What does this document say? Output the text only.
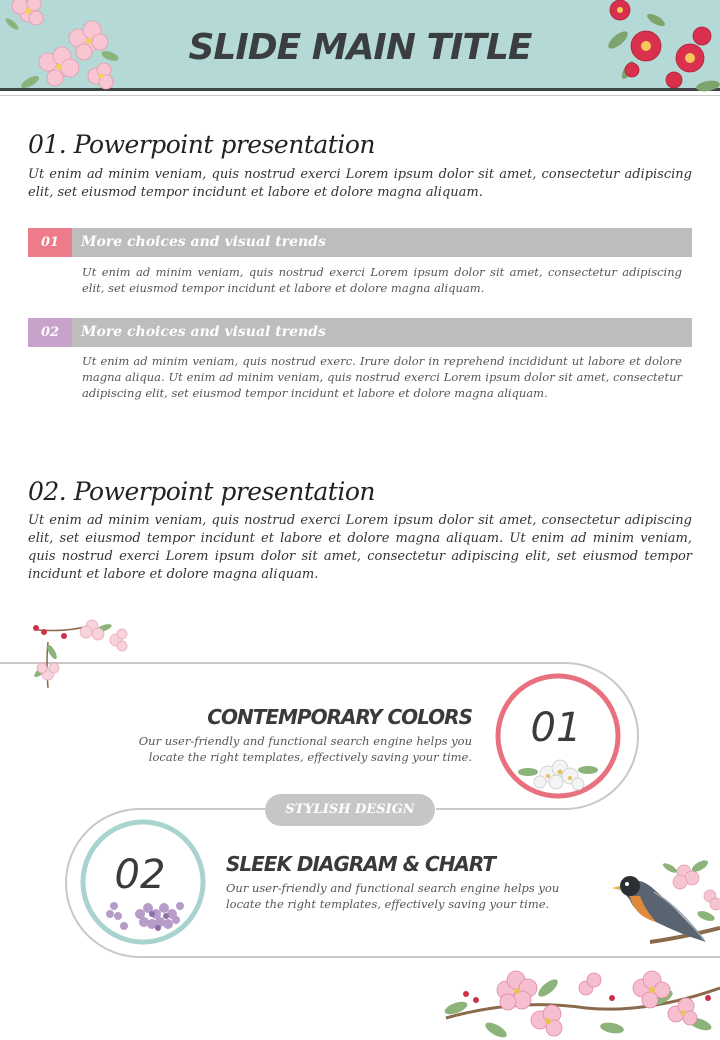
SLIDE MAIN TITLE
01. Powerpoint presentation
Ut enim ad minim veniam, quis nostrud exerci Lorem ipsum dolor sit amet, consectetur adipiscing elit, set eiusmod tempor incidunt et labore et dolore magna aliquam.
01	More choices and visual trends
Ut enim ad minim veniam, quis nostrud exerci Lorem ipsum dolor sit amet, consectetur adipiscing elit, set eiusmod tempor incidunt et labore et dolore magna aliquam.
02	More choices and visual trends
Ut enim ad minim veniam, quis nostrud exerc. Irure dolor in reprehend incididunt ut labore et dolore magna aliqua. Ut enim ad minim veniam, quis nostrud exerci Lorem ipsum dolor sit amet, consectetur adipiscing elit, set eiusmod tempor incidunt et labore et dolore magna aliquam.
02. Powerpoint presentation
Ut enim ad minim veniam, quis nostrud exerci Lorem ipsum dolor sit amet, consectetur adipiscing elit, set eiusmod tempor incidunt et labore et dolore magna aliquam. Ut enim ad minim veniam, quis nostrud exerci Lorem ipsum dolor sit amet, consectetur adipiscing elit, set eiusmod tempor incidunt et labore et dolore magna aliquam.
STYLISH DESIGN
01
CONTEMPORARY COLORS
Our user-friendly and functional search engine helps you locate the right templates, effectively saving your time.
02	SLEEK DIAGRAM & CHART
Our user-friendly and functional search engine helps you locate the right templates, effectively saving your time.
